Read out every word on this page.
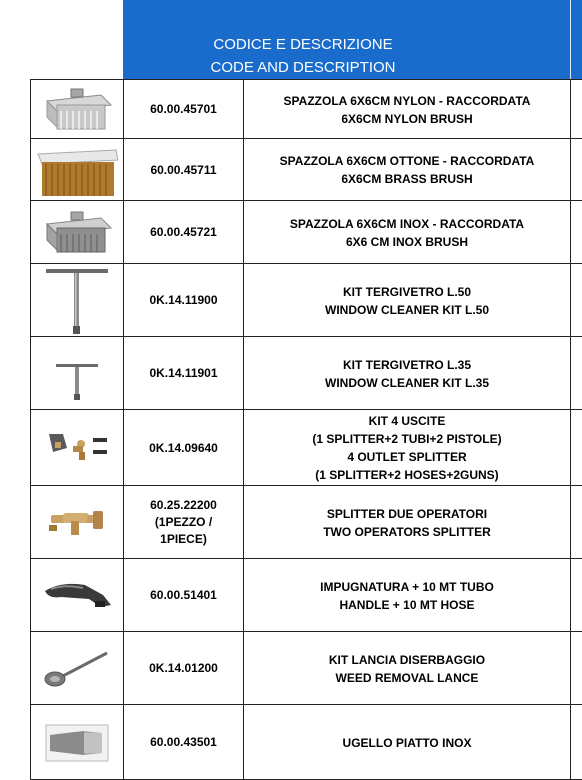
CODICE E DESCRIZIONE
CODE AND DESCRIPTION
60.00.45701
SPAZZOLA 6X6CM NYLON - RACCORDATA
6X6CM NYLON BRUSH
60.00.45711
SPAZZOLA 6X6CM OTTONE - RACCORDATA
6X6CM BRASS BRUSH
60.00.45721
SPAZZOLA 6X6CM INOX - RACCORDATA
6X6 CM INOX BRUSH
0K.14.11900
KIT TERGIVETRO L.50
WINDOW CLEANER KIT L.50
0K.14.11901
KIT TERGIVETRO L.35
WINDOW CLEANER KIT L.35
0K.14.09640
KIT 4 USCITE
(1 SPLITTER+2 TUBI+2 PISTOLE)
4 OUTLET SPLITTER
(1 SPLITTER+2 HOSES+2GUNS)
60.25.22200
(1PEZZO /
1PIECE)
SPLITTER DUE OPERATORI
TWO OPERATORS SPLITTER
60.00.51401
IMPUGNATURA + 10 MT TUBO
HANDLE + 10 MT HOSE
0K.14.01200
KIT LANCIA DISERBAGGIO
WEED REMOVAL LANCE
60.00.43501	UGELLO PIATTO INOX
